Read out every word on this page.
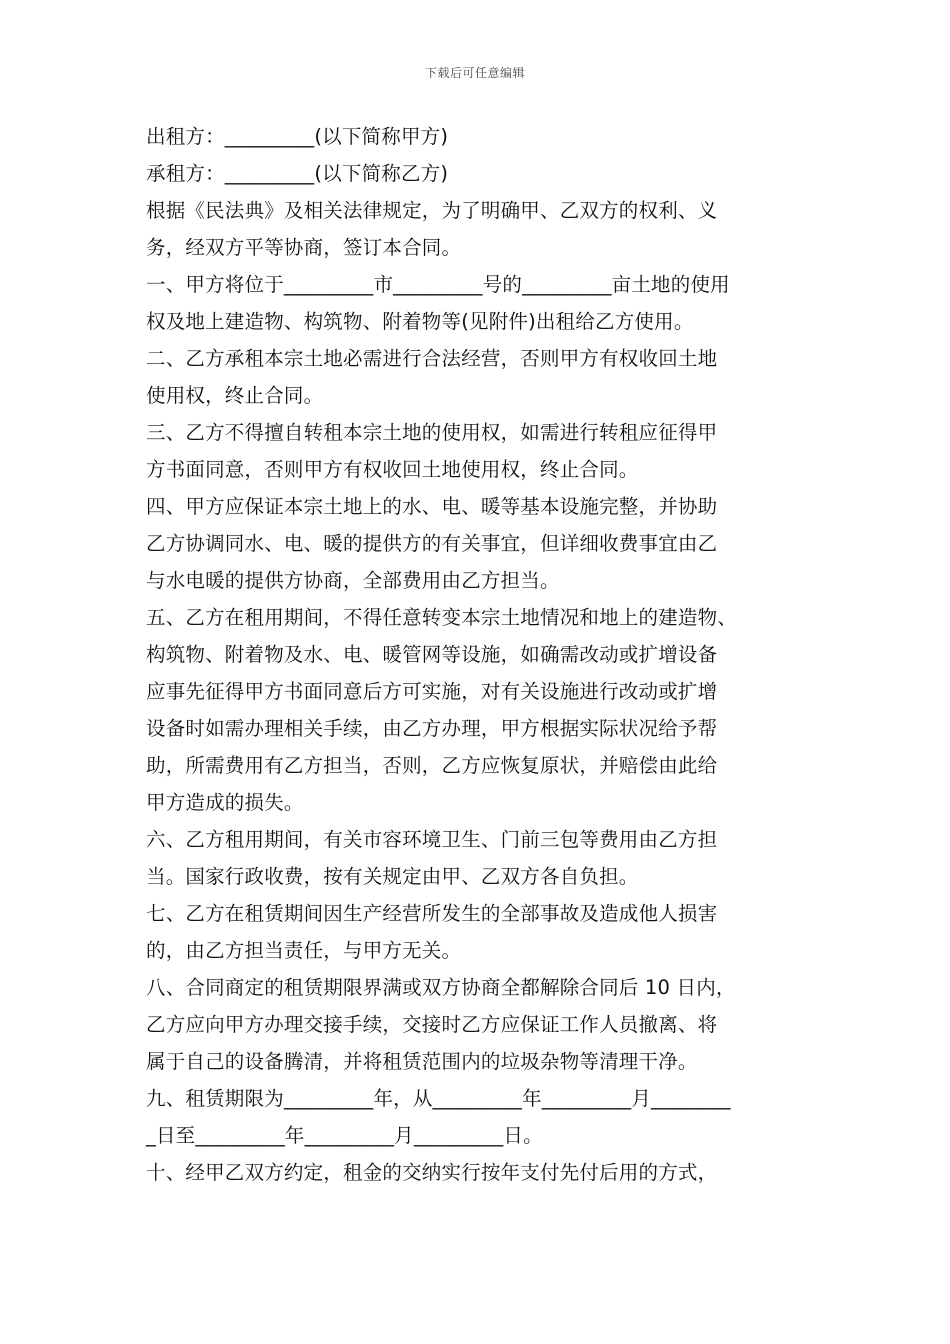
下载后可任意编辑
出租方：_________(以下简称甲方)
承租方：_________(以下简称乙方)
根据《民法典》及相关法律规定，为了明确甲、乙双方的权利、义
务，经双方平等协商，签订本合同。
一、甲方将位于_________市_________号的_________亩土地的使用
权及地上建造物、构筑物、附着物等(见附件)出租给乙方使用。
二、乙方承租本宗土地必需进行合法经营，否则甲方有权收回土地
使用权，终止合同。
三、乙方不得擅自转租本宗土地的使用权，如需进行转租应征得甲
方书面同意，否则甲方有权收回土地使用权，终止合同。
四、甲方应保证本宗土地上的水、电、暖等基本设施完整，并协助
乙方协调同水、电、暖的提供方的有关事宜，但详细收费事宜由乙
与水电暖的提供方协商，全部费用由乙方担当。
五、乙方在租用期间，不得任意转变本宗土地情况和地上的建造物、
构筑物、附着物及水、电、暖管网等设施，如确需改动或扩增设备
应事先征得甲方书面同意后方可实施，对有关设施进行改动或扩增
设备时如需办理相关手续，由乙方办理，甲方根据实际状况给予帮
助，所需费用有乙方担当，否则，乙方应恢复原状，并赔偿由此给
甲方造成的损失。
六、乙方租用期间，有关市容环境卫生、门前三包等费用由乙方担
当。国家行政收费，按有关规定由甲、乙双方各自负担。
七、乙方在租赁期间因生产经营所发生的全部事故及造成他人损害
的，由乙方担当责任，与甲方无关。
八、合同商定的租赁期限界满或双方协商全都解除合同后 10 日内，
乙方应向甲方办理交接手续，交接时乙方应保证工作人员撤离、将
属于自己的设备腾清，并将租赁范围内的垃圾杂物等清理干净。
九、租赁期限为_________年，从_________年_________月________
_日至_________年_________月_________日。
十、经甲乙双方约定，租金的交纳实行按年支付先付后用的方式，
